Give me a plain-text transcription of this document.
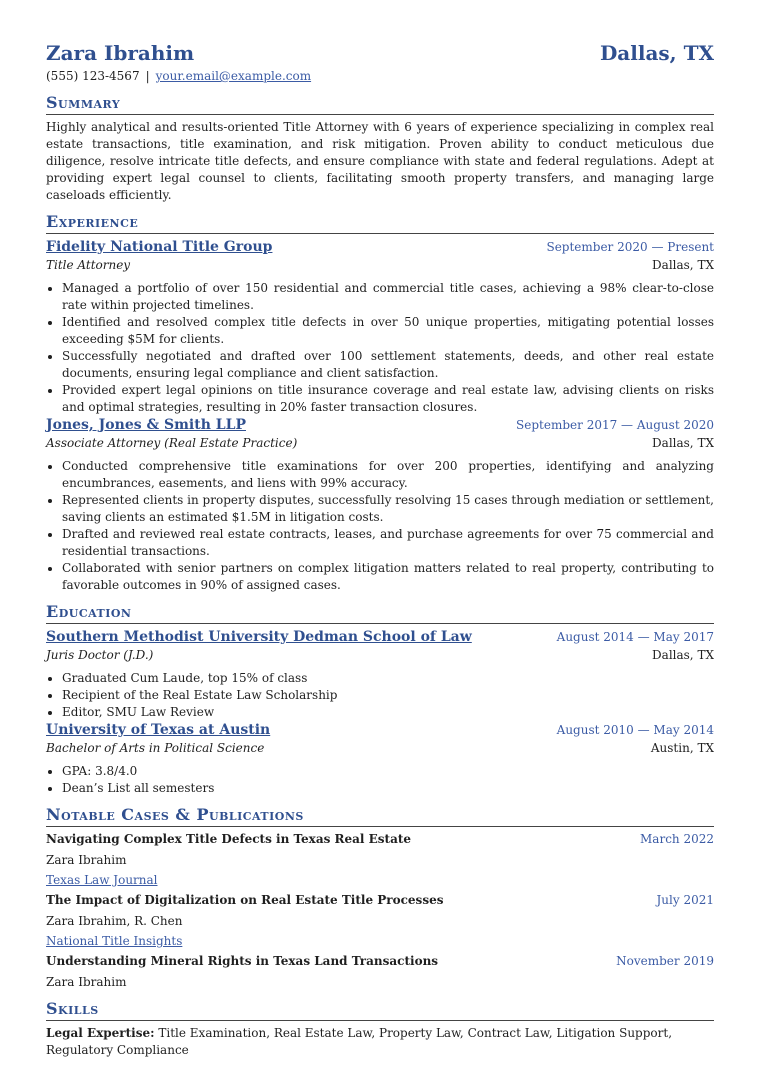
Zara Ibrahim	Dallas, TX
(555) 123-4567 | your.email@example.com
Summary
Highly analytical and results-oriented Title Attorney with 6 years of experience specializing in complex real estate transactions, title examination, and risk mitigation. Proven ability to conduct meticulous due diligence, resolve intricate title defects, and ensure compliance with state and federal regulations. Adept at providing expert legal counsel to clients, facilitating smooth property transfers, and managing large caseloads efficiently.
Experience
Fidelity National Title Group	September 2020 — Present
Title Attorney	Dallas, TX
• Managed a portfolio of over 150 residential and commercial title cases, achieving a 98% clear-to-close rate within projected timelines.
• Identified and resolved complex title defects in over 50 unique properties, mitigating potential losses exceeding $5M for clients.
• Successfully negotiated and drafted over 100 settlement statements, deeds, and other real estate documents, ensuring legal compliance and client satisfaction.
• Provided expert legal opinions on title insurance coverage and real estate law, advising clients on risks and optimal strategies, resulting in 20% faster transaction closures.
Jones, Jones & Smith LLP	September 2017 — August 2020
Associate Attorney (Real Estate Practice)	Dallas, TX
• Conducted comprehensive title examinations for over 200 properties, identifying and analyzing encumbrances, easements, and liens with 99% accuracy.
• Represented clients in property disputes, successfully resolving 15 cases through mediation or settlement, saving clients an estimated $1.5M in litigation costs.
• Drafted and reviewed real estate contracts, leases, and purchase agreements for over 75 commercial and residential transactions.
• Collaborated with senior partners on complex litigation matters related to real property, contributing to favorable outcomes in 90% of assigned cases.
Education
Southern Methodist University Dedman School of Law	August 2014 — May 2017
Juris Doctor (J.D.)	Dallas, TX
• Graduated Cum Laude, top 15% of class
• Recipient of the Real Estate Law Scholarship
• Editor, SMU Law Review
University of Texas at Austin	August 2010 — May 2014
Bachelor of Arts in Political Science	Austin, TX
• GPA: 3.8/4.0
• Dean’s List all semesters
Notable Cases & Publications
Navigating Complex Title Defects in Texas Real Estate	March 2022
Zara Ibrahim
Texas Law Journal
The Impact of Digitalization on Real Estate Title Processes	July 2021
Zara Ibrahim, R. Chen
National Title Insights
Understanding Mineral Rights in Texas Land Transactions	November 2019
Zara Ibrahim
Skills
Legal Expertise: Title Examination, Real Estate Law, Property Law, Contract Law, Litigation Support, Regulatory Compliance
